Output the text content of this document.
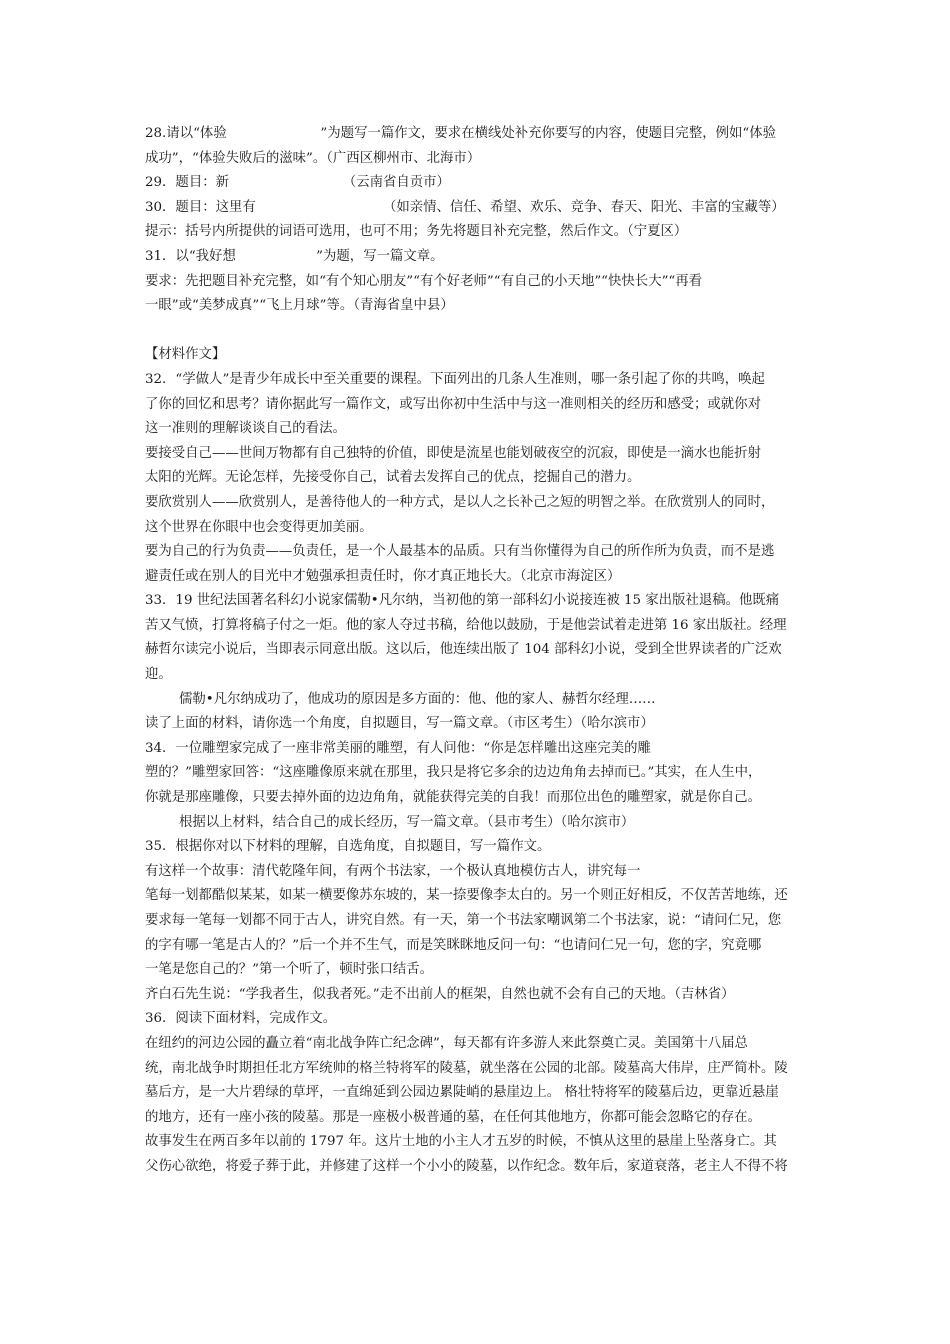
28.请以“体验　　　　　　　”为题写一篇作文，要求在横线处补充你要写的内容，使题目完整，例如“体验
成功”，“体验失败后的滋味”。（广西区柳州市、北海市）
29．题目：新　　　　　　　　　（云南省自贡市）
30．题目：这里有　　　　　　　　　　（如亲情、信任、希望、欢乐、竞争、春天、阳光、丰富的宝藏等）
提示：括号内所提供的词语可选用，也可不用；务先将题目补充完整，然后作文。（宁夏区）
31．以“我好想　　　　　　”为题，写一篇文章。
要求：先把题目补充完整，如“有个知心朋友”“有个好老师”“有自己的小天地”“快快长大”“再看
一眼”或“美梦成真”“飞上月球”等。（青海省皇中县）
【材料作文】
32．“学做人”是青少年成长中至关重要的课程。下面列出的几条人生准则，哪一条引起了你的共鸣，唤起
了你的回忆和思考？请你据此写一篇作文，或写出你初中生活中与这一准则相关的经历和感受；或就你对
这一准则的理解谈谈自己的看法。
要接受自己——世间万物都有自己独特的价值，即使是流星也能划破夜空的沉寂，即使是一滴水也能折射
太阳的光辉。无论怎样，先接受你自己，试着去发挥自己的优点，挖掘自己的潜力。
要欣赏别人——欣赏别人，是善待他人的一种方式，是以人之长补己之短的明智之举。在欣赏别人的同时，
这个世界在你眼中也会变得更加美丽。
要为自己的行为负责——负责任，是一个人最基本的品质。只有当你懂得为自己的所作所为负责，而不是逃
避责任或在别人的目光中才勉强承担责任时，你才真正地长大。（北京市海淀区）
33．19 世纪法国著名科幻小说家儒勒•凡尔纳，当初他的第一部科幻小说接连被 15 家出版社退稿。他既痛
苦又气愤，打算将稿子付之一炬。他的家人夺过书稿，给他以鼓励，于是他尝试着走进第 16 家出版社。经理
赫哲尔读完小说后，当即表示同意出版。这以后，他连续出版了 104 部科幻小说，受到全世界读者的广泛欢
迎。
儒勒•凡尔纳成功了，他成功的原因是多方面的：他、他的家人、赫哲尔经理……
读了上面的材料，请你选一个角度，自拟题目，写一篇文章。（市区考生）（哈尔滨市）
34．一位雕塑家完成了一座非常美丽的雕塑，有人问他：“你是怎样雕出这座完美的雕
塑的？”雕塑家回答：“这座雕像原来就在那里，我只是将它多余的边边角角去掉而已。”其实，在人生中，
你就是那座雕像，只要去掉外面的边边角角，就能获得完美的自我！而那位出色的雕塑家，就是你自己。
根据以上材料，结合自己的成长经历，写一篇文章。（县市考生）（哈尔滨市）
35．根据你对以下材料的理解，自选角度，自拟题目，写一篇作文。
有这样一个故事：清代乾隆年间，有两个书法家，一个极认真地模仿古人，讲究每一
笔每一划都酷似某某，如某一横要像苏东坡的，某一捺要像李太白的。另一个则正好相反，不仅苦苦地练，还
要求每一笔每一划都不同于古人，讲究自然。有一天，第一个书法家嘲讽第二个书法家，说：“请问仁兄，您
的字有哪一笔是古人的？”后一个并不生气，而是笑眯眯地反问一句：“也请问仁兄一句，您的字，究竟哪
一笔是您自己的？”第一个听了，顿时张口结舌。
齐白石先生说：“学我者生，似我者死。”走不出前人的框架，自然也就不会有自己的天地。（吉林省）
36．阅读下面材料，完成作文。
在纽约的河边公园的矗立着“南北战争阵亡纪念碑”，每天都有许多游人来此祭奠亡灵。美国第十八届总
统，南北战争时期担任北方军统帅的格兰特将军的陵墓，就坐落在公园的北部。陵墓高大伟岸，庄严简朴。陵
墓后方，是一大片碧绿的草坪，一直绵延到公园边累陡峭的悬崖边上。 格壮特将军的陵墓后边，更靠近悬崖
的地方，还有一座小孩的陵墓。那是一座极小极普通的墓，在任何其他地方，你都可能会忽略它的存在。
故事发生在两百多年以前的 1797 年。这片土地的小主人才五岁的时候，不慎从这里的悬崖上坠落身亡。其
父伤心欲绝，将爱子葬于此，并修建了这样一个小小的陵墓，以作纪念。数年后，家道衰落，老主人不得不将
